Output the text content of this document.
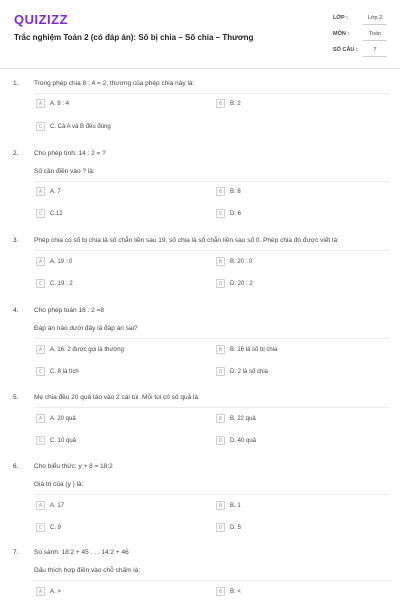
QUIZIZZ
Trắc nghiệm Toán 2 (có đáp án): Số bị chia – Số chia – Thương
LỚP :	Lớp 2
MÔN :	Toán
SỐ CÂU :	7
1. Trong phép chia 8 : 4 = 2, thương của phép chia này là:
A	A. 8 : 4	B	B. 2
C	C. Cả A và B đều đúng
2. Cho phép tính: 14 : 2 = ?
Số cần điền vào ? là:
A	A. 7	B	B. 8
C	C.12	D	D. 6
3. Phép chia có số bị chia là số chẵn liền sau 19, số chia là số chẵn liền sau số 0. Phép chia đó được viết là:
A	A. 19 : 0	B	B. 20 : 0
C	C. 19 : 2	D	D. 20 : 2
4. Cho phép toán 16 : 2 =8
Đáp án nào dưới đây là đáp án sai?
A	A. 16: 2 được gọi là thương	B	B. 16 là số bị chia
C	C. 8 là tích	D	D. 2 là số chia
5. Mẹ chia đều 20 quả táo vào 2 cái túi. Mỗi túi có số quả là:
A	A. 20 quả	B	B. 22 quả
C	C. 10 quả	D	D. 40 quả
6. Cho biểu thức: y + 8 = 18:2
Giá trị của (y ) là:
A	A. 17	B	B. 1
C	C. 9	D	D. 5
7. So sánh: 18:2 + 45 . . . 14:2 + 46
Dấu thích hợp điền vào chỗ chấm là:
A	A. >	B	B. <
